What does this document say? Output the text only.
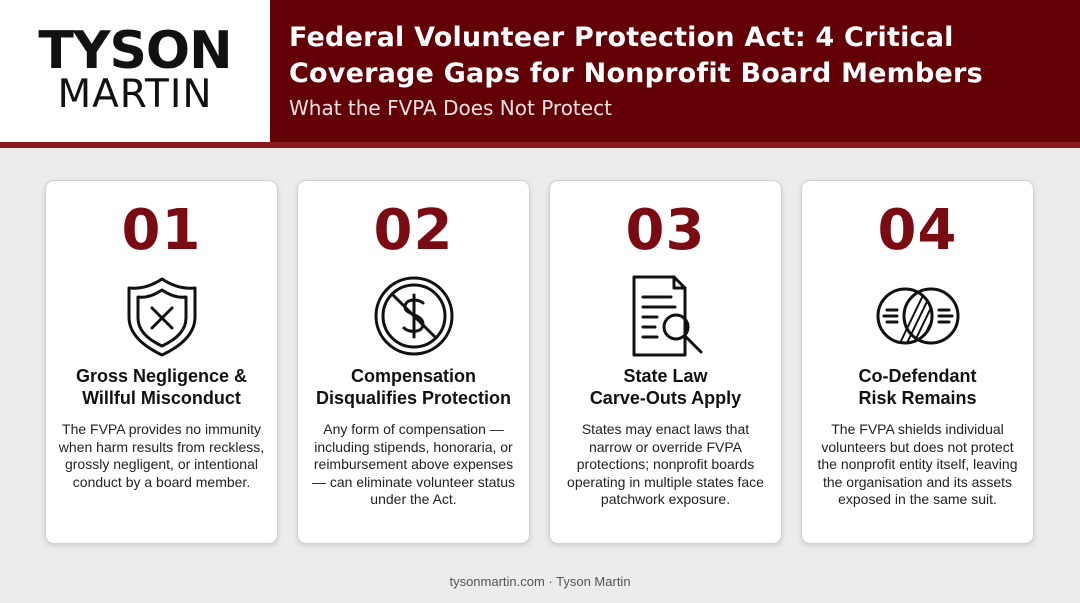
TYSON
MARTIN
Federal Volunteer Protection Act: 4 Critical
Coverage Gaps for Nonprofit Board Members
What the FVPA Does Not Protect
01
Gross Negligence &
Willful Misconduct
The FVPA provides no immunity when harm results from reckless, grossly negligent, or intentional conduct by a board member.
02
Compensation
Disqualifies Protection
Any form of compensation — including stipends, honoraria, or reimbursement above expenses — can eliminate volunteer status under the Act.
03
State Law
Carve-Outs Apply
States may enact laws that narrow or override FVPA protections; nonprofit boards operating in multiple states face patchwork exposure.
04
Co-Defendant
Risk Remains
The FVPA shields individual volunteers but does not protect the nonprofit entity itself, leaving the organisation and its assets exposed in the same suit.
tysonmartin.com · Tyson Martin
